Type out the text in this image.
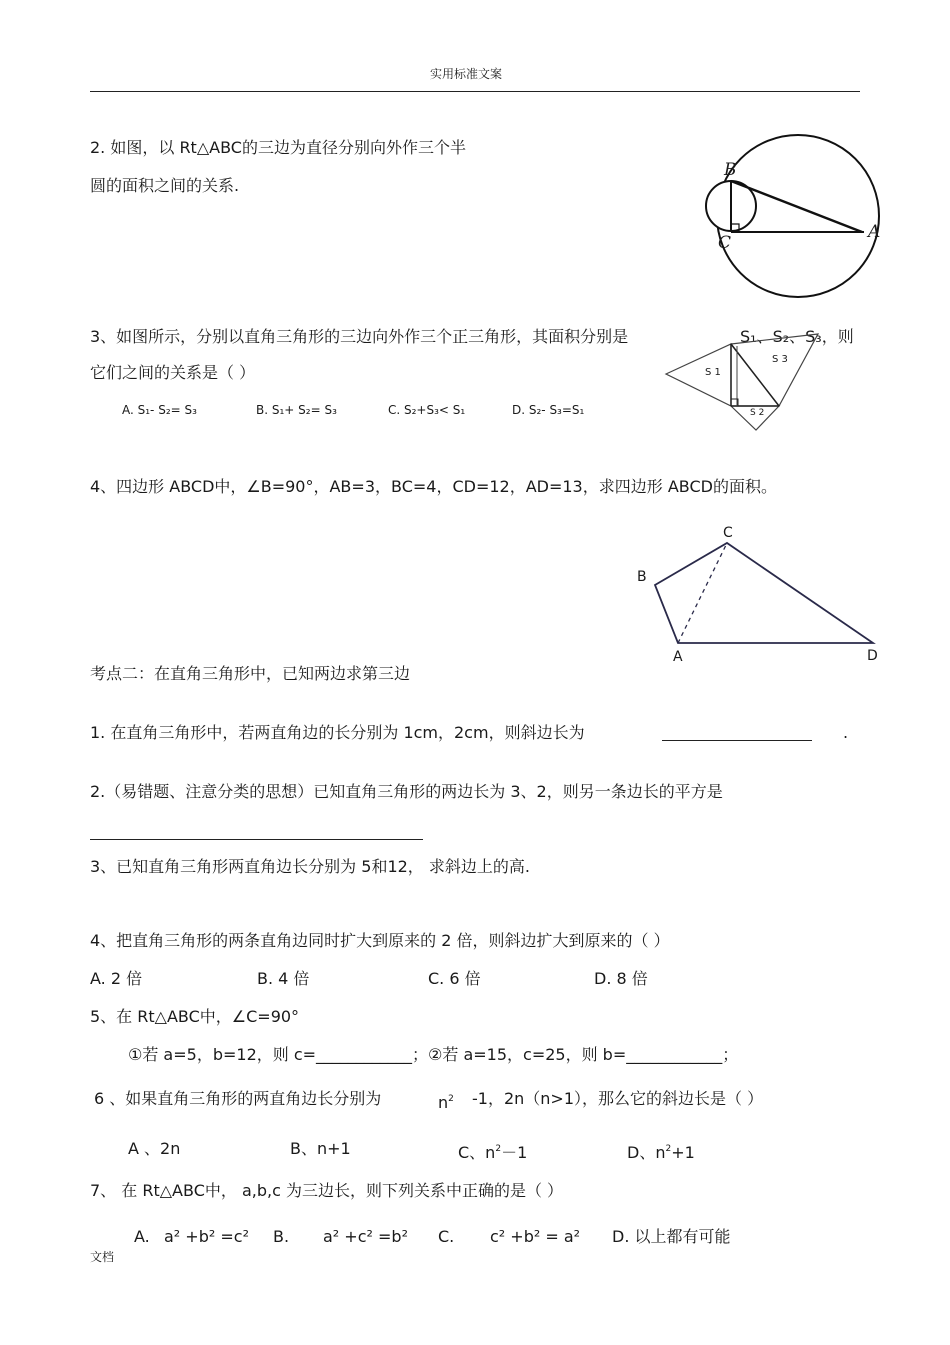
实用标准文案
2. 如图，以 Rt△ABC的三边为直径分别向外作三个半
圆的面积之间的关系.
B
C
A
3、如图所示，分别以直角三角形的三边向外作三个正三角形，其面积分别是	S₁、S₂、S₃，则
它们之间的关系是（ ）
A. S₁- S₂= S₃	B. S₁+ S₂= S₃	C. S₂+S₃< S₁	D. S₂- S₃=S₁
S 1
S 3
S 2
4、四边形 ABCD中，∠B=90°，AB=3，BC=4，CD=12，AD=13，求四边形 ABCD的面积。
A
B
C
D
考点二：在直角三角形中，已知两边求第三边
1. 在直角三角形中，若两直角边的长分别为 1cm，2cm，则斜边长为	.
2.（易错题、注意分类的思想）已知直角三角形的两边长为 3、2，则另一条边长的平方是
3、已知直角三角形两直角边长分别为 5和12， 求斜边上的高.
4、把直角三角形的两条直角边同时扩大到原来的 2 倍，则斜边扩大到原来的（ ）
A. 2 倍	B. 4 倍	C. 6 倍	D. 8 倍
5、在 Rt△ABC中，∠C=90°
①若 a=5，b=12，则 c=____________；②若 a=15，c=25，则 b=____________；
6 、如果直角三角形的两直角边长分别为	$n^2$ -1，2n（n>1），那么它的斜边长是（ ）
A 、2n	B、n+1	C、$n^2-1$	D、$n^2+1$
7、 在 Rt△ABC中， a,b,c 为三边长，则下列关系中正确的是（ ）
A. a² +b² =c² B. a² +c² =b² C. c² +b² = a² D. 以上都有可能
文档
